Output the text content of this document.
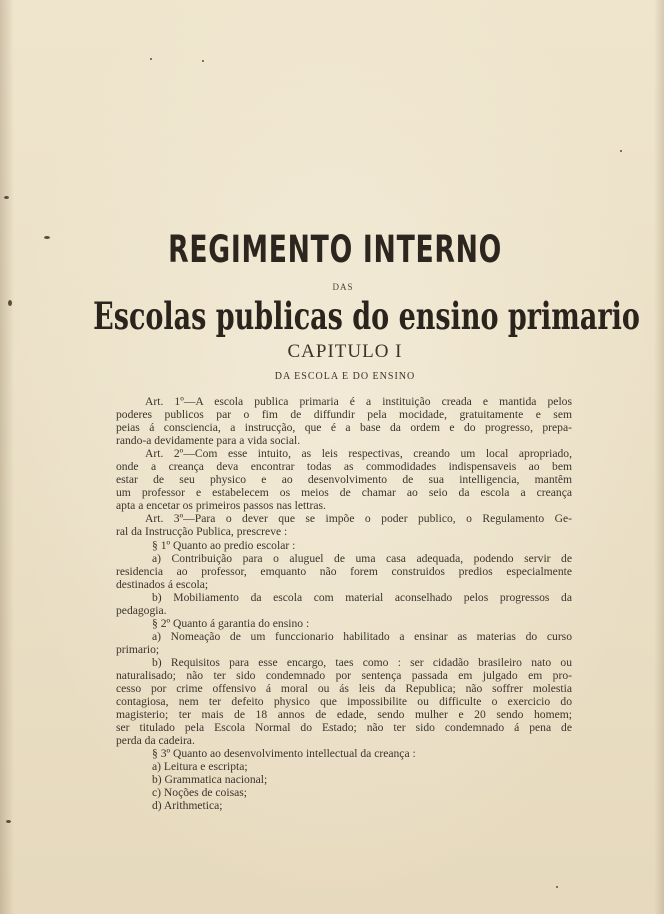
REGIMENTO INTERNO
DAS
Escolas publicas do ensino primario
CAPITULO I
DA ESCOLA E DO ENSINO
Art. 1º—A escola publica primaria é a instituição creada e mantida pelos
poderes publicos par o fim de diffundir pela mocidade, gratuitamente e sem
peias á consciencia, a instrucção, que é a base da ordem e do progresso, prepa-
rando-a devidamente para a vida social.
Art. 2º—Com esse intuito, as leis respectivas, creando um local apropriado,
onde a creança deva encontrar todas as commodidades indispensaveis ao bem
estar de seu physico e ao desenvolvimento de sua intelligencia, mantêm
um professor e estabelecem os meios de chamar ao seio da escola a creança
apta a encetar os primeiros passos nas lettras.
Art. 3º—Para o dever que se impõe o poder publico, o Regulamento Ge-
ral da Instrucção Publica, prescreve :
§ 1º Quanto ao predio escolar :
a) Contribuição para o aluguel de uma casa adequada, podendo servir de
residencia ao professor, emquanto não forem construidos predios especialmente
destinados á escola;
b) Mobiliamento da escola com material aconselhado pelos progressos da
pedagogia.
§ 2º Quanto á garantia do ensino :
a) Nomeação de um funccionario habilitado a ensinar as materias do curso
primario;
b) Requisitos para esse encargo, taes como : ser cidadão brasileiro nato ou
naturalisado; não ter sido condemnado por sentença passada em julgado em pro-
cesso por crime offensivo á moral ou ás leis da Republica; não soffrer molestia
contagiosa, nem ter defeito physico que impossibilite ou difficulte o exercicio do
magisterio; ter mais de 18 annos de edade, sendo mulher e 20 sendo homem;
ser titulado pela Escola Normal do Estado; não ter sido condemnado á pena de
perda da cadeira.
§ 3º Quanto ao desenvolvimento intellectual da creança :
a) Leitura e escripta;
b) Grammatica nacional;
c) Noções de coisas;
d) Arithmetica;
